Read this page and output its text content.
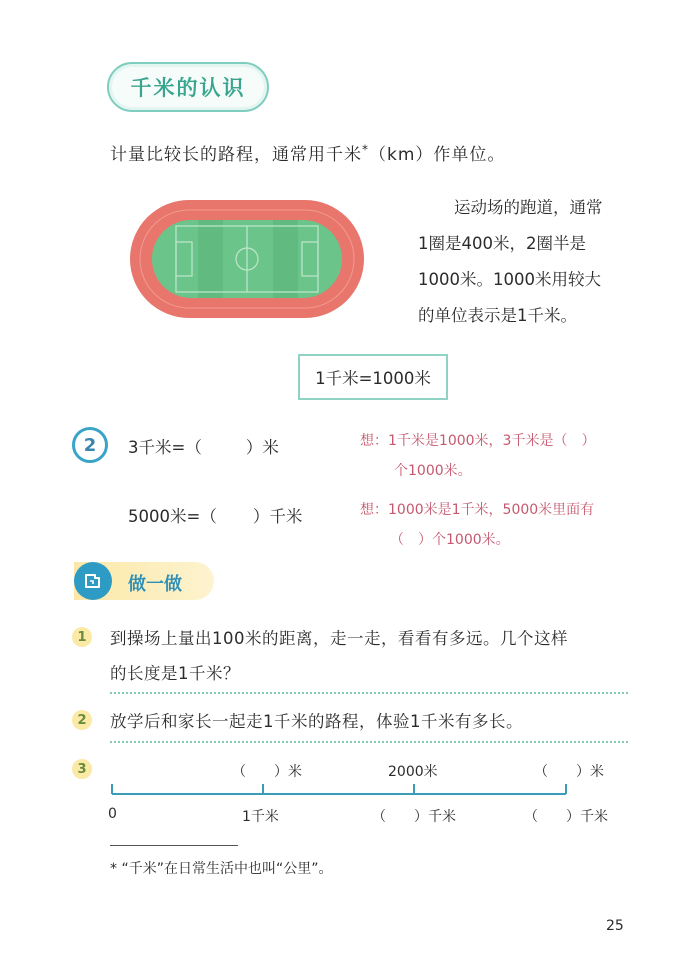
千米的认识
计量比较长的路程，通常用千米*（km）作单位。
运动场的跑道，通常
1圈是400米，2圈半是
1000米。1000米用较大
的单位表示是1千米。
1千米=1000米
2	3千米=（	）米	想：1千米是1000米，3千米是（　）
个1000米。
5000米=（ ）千米	想：1000米是1千米，5000米里面有
（　）个1000米。
做一做
1	到操场上量出100米的距离，走一走，看看有多远。几个这样
的长度是1千米？
2	放学后和家长一起走1千米的路程，体验1千米有多长。
3	（　　）米	2000米	（　　）米
0	1千米	（　　）千米	（　　）千米
* “千米”在日常生活中也叫“公里”。
25
